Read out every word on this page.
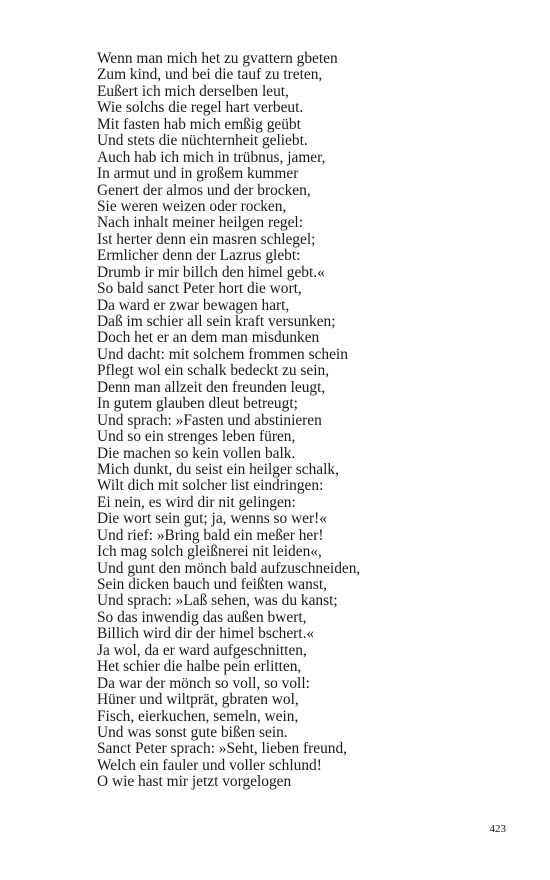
Wenn man mich het zu gvattern gbeten
Zum kind, und bei die tauf zu treten,
Eußert ich mich derselben leut,
Wie solchs die regel hart verbeut.
Mit fasten hab mich emßig geübt
Und stets die nüchternheit geliebt.
Auch hab ich mich in trübnus, jamer,
In armut und in großem kummer
Genert der almos und der brocken,
Sie weren weizen oder rocken,
Nach inhalt meiner heilgen regel:
Ist herter denn ein masren schlegel;
Ermlicher denn der Lazrus glebt:
Drumb ir mir billch den himel gebt.«
So bald sanct Peter hort die wort,
Da ward er zwar bewagen hart,
Daß im schier all sein kraft versunken;
Doch het er an dem man misdunken
Und dacht: mit solchem frommen schein
Pflegt wol ein schalk bedeckt zu sein,
Denn man allzeit den freunden leugt,
In gutem glauben dleut betreugt;
Und sprach: »Fasten und abstinieren
Und so ein strenges leben füren,
Die machen so kein vollen balk.
Mich dunkt, du seist ein heilger schalk,
Wilt dich mit solcher list eindringen:
Ei nein, es wird dir nit gelingen:
Die wort sein gut; ja, wenns so wer!«
Und rief: »Bring bald ein meßer her!
Ich mag solch gleißnerei nit leiden«,
Und gunt den mönch bald aufzuschneiden,
Sein dicken bauch und feißten wanst,
Und sprach: »Laß sehen, was du kanst;
So das inwendig das außen bwert,
Billich wird dir der himel bschert.«
Ja wol, da er ward aufgeschnitten,
Het schier die halbe pein erlitten,
Da war der mönch so voll, so voll:
Hüner und wiltprät, gbraten wol,
Fisch, eierkuchen, semeln, wein,
Und was sonst gute bißen sein.
Sanct Peter sprach: »Seht, lieben freund,
Welch ein fauler und voller schlund!
O wie hast mir jetzt vorgelogen
423
